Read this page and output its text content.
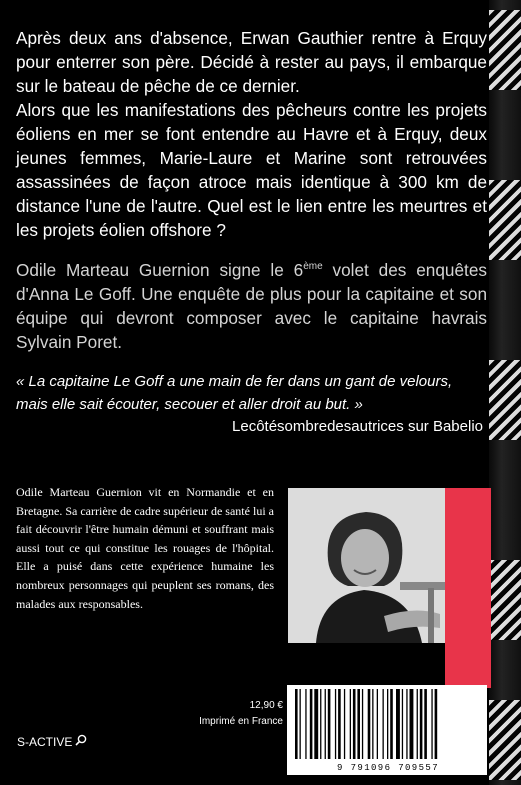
Après deux ans d'absence, Erwan Gauthier rentre à Erquy pour enterrer son père. Décidé à rester au pays, il embarque sur le bateau de pêche de ce dernier.

Alors que les manifestations des pêcheurs contre les projets éoliens en mer se font entendre au Havre et à Erquy, deux jeunes femmes, Marie-Laure et Marine sont retrouvées assassinées de façon atroce mais identique à 300 km de distance l'une de l'autre. Quel est le lien entre les meurtres et les projets éolien offshore ?

Odile Marteau Guernion signe le 6ème volet des enquêtes d'Anna Le Goff. Une enquête de plus pour la capitaine et son équipe qui devront composer avec le capitaine havrais Sylvain Poret.

« La capitaine Le Goff a une main de fer dans un gant de velours, mais elle sait écouter, secouer et aller droit au but. »
Lecôtésombredesautrices sur Babelio

Odile Marteau Guernion vit en Normandie et en Bretagne. Sa carrière de cadre supérieur de santé lui a fait découvrir l'être humain démuni et souffrant mais aussi tout ce qui constitue les rouages de l'hôpital. Elle a puisé dans cette expérience humaine les nombreux personnages qui peuplent ses romans, des malades aux responsables.

12,90 €
Imprimé en France
9 791096 709557
S-ACTIVE
